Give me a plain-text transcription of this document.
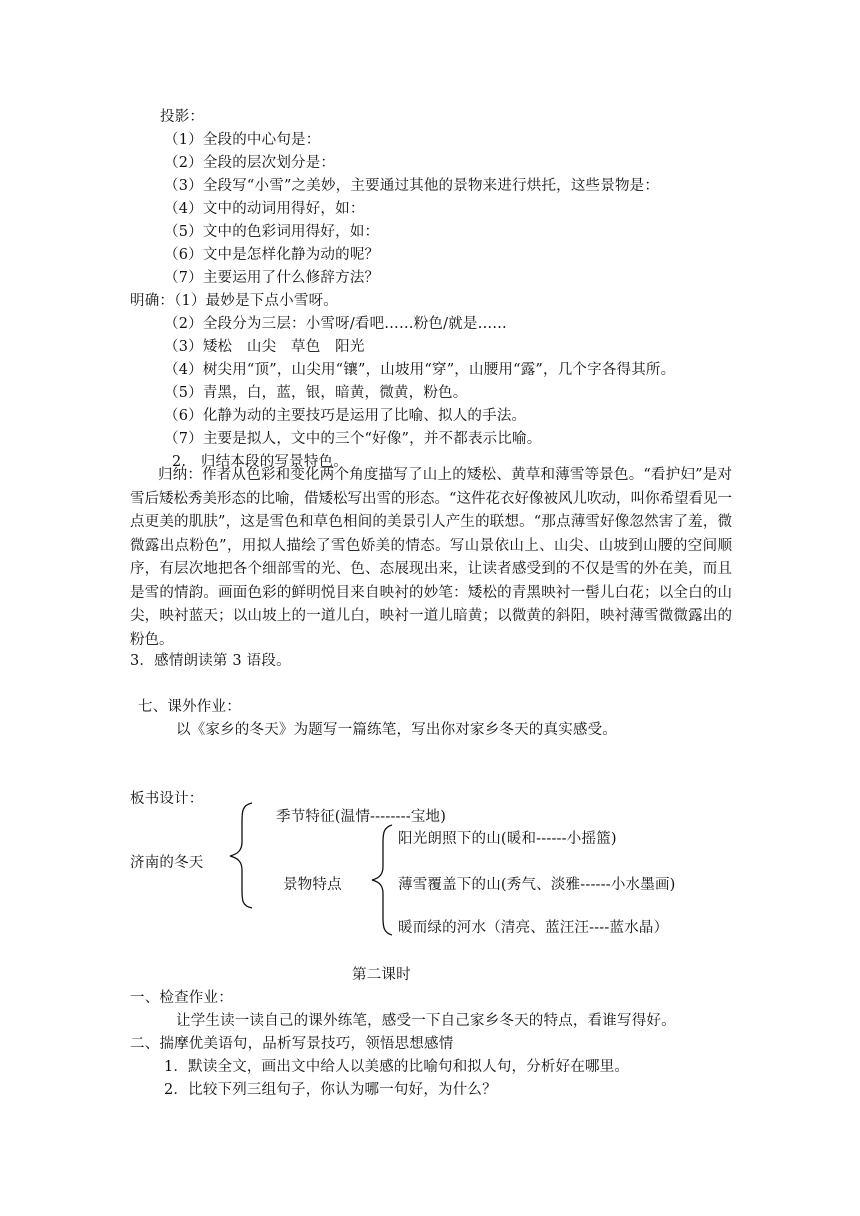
投影：
（1）全段的中心句是：
（2）全段的层次划分是：
（3）全段写“小雪”之美妙，主要通过其他的景物来进行烘托，这些景物是：
（4）文中的动词用得好，如：
（5）文中的色彩词用得好，如：
（6）文中是怎样化静为动的呢？
（7）主要运用了什么修辞方法？
明确：（1）最妙是下点小雪呀。
（2）全段分为三层：小雪呀/看吧……粉色/就是……
（3）矮松　山尖　草色　阳光
（4）树尖用“顶”，山尖用“镶”，山坡用“穿”，山腰用“露”，几个字各得其所。
（5）青黑，白，蓝，银，暗黄，微黄，粉色。
（6）化静为动的主要技巧是运用了比喻、拟人的手法。
（7）主要是拟人，文中的三个“好像”，并不都表示比喻。
2.　归结本段的写景特色。
归纳：作者从色彩和变化两个角度描写了山上的矮松、黄草和薄雪等景色。“看护妇”是对雪后矮松秀美形态的比喻，借矮松写出雪的形态。“这件花衣好像被风儿吹动，叫你希望看见一点更美的肌肤”，这是雪色和草色相间的美景引人产生的联想。“那点薄雪好像忽然害了羞，微微露出点粉色”，用拟人描绘了雪色娇美的情态。写山景依山上、山尖、山坡到山腰的空间顺序，有层次地把各个细部雪的光、色、态展现出来，让读者感受到的不仅是雪的外在美，而且是雪的情韵。画面色彩的鲜明悦目来自映衬的妙笔：矮松的青黑映衬一髻儿白花；以全白的山尖，映衬蓝天；以山坡上的一道儿白，映衬一道儿暗黄；以微黄的斜阳，映衬薄雪微微露出的粉色。
3．感情朗读第 3 语段。
七、课外作业：
以《家乡的冬天》为题写一篇练笔，写出你对家乡冬天的真实感受。
板书设计：
季节特征(温情--------宝地)
阳光朗照下的山(暖和------小摇篮)
济南的冬天
景物特点	薄雪覆盖下的山(秀气、淡雅------小水墨画)
暖而绿的河水（清亮、蓝汪汪----蓝水晶）
第二课时
一、检查作业：
让学生读一读自己的课外练笔，感受一下自己家乡冬天的特点，看谁写得好。
二、揣摩优美语句，品析写景技巧，领悟思想感情
1．默读全文，画出文中给人以美感的比喻句和拟人句，分析好在哪里。
2．比较下列三组句子，你认为哪一句好，为什么？
